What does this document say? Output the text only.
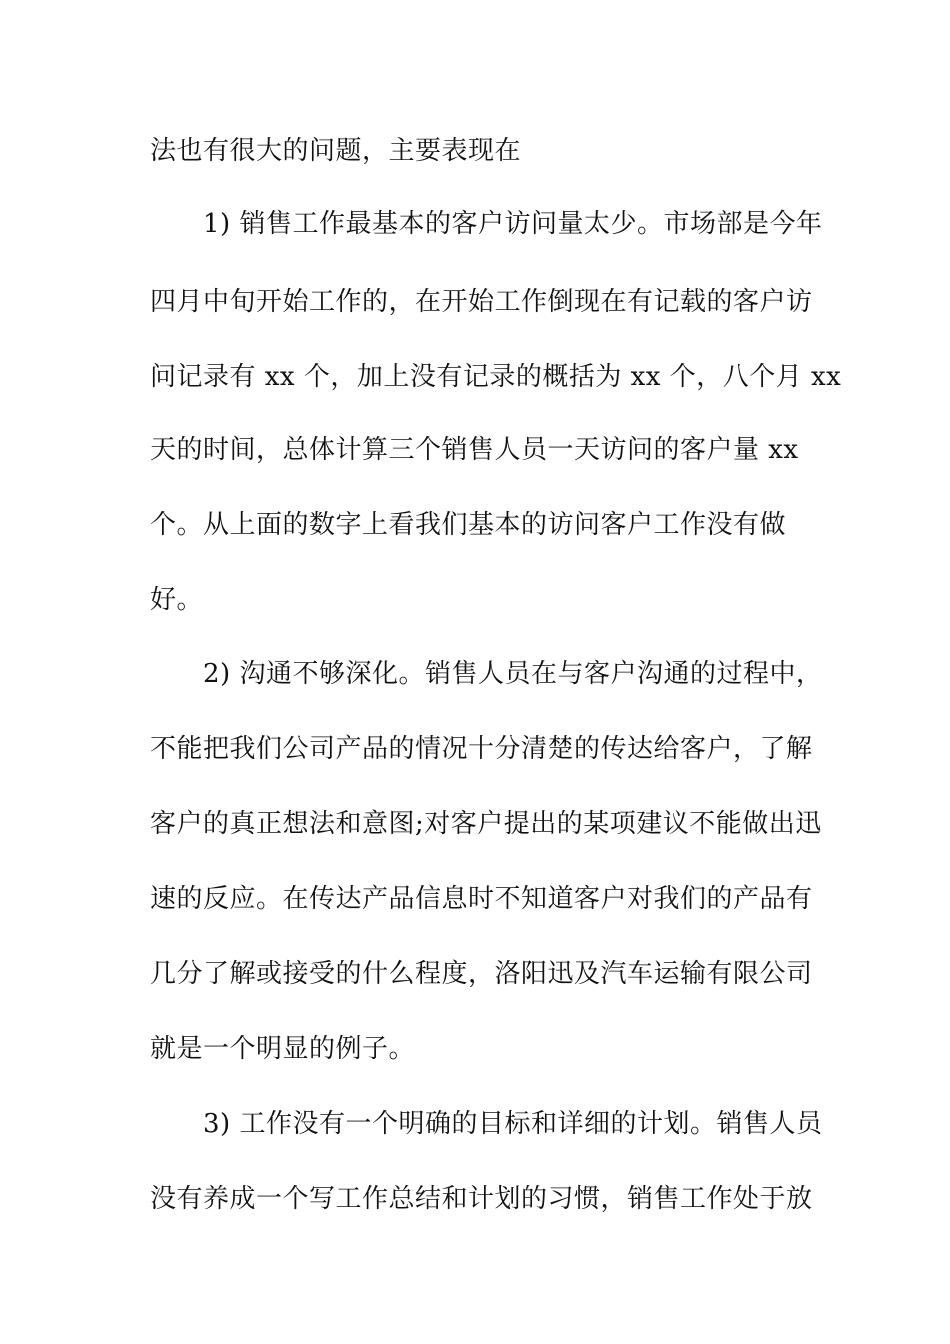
法也有很大的问题，主要表现在
1) 销售工作最基本的客户访问量太少。市场部是今年
四月中旬开始工作的，在开始工作倒现在有记载的客户访
问记录有 xx 个，加上没有记录的概括为 xx 个，八个月 xx
天的时间，总体计算三个销售人员一天访问的客户量 xx
个。从上面的数字上看我们基本的访问客户工作没有做
好。
2) 沟通不够深化。销售人员在与客户沟通的过程中，
不能把我们公司产品的情况十分清楚的传达给客户，了解
客户的真正想法和意图;对客户提出的某项建议不能做出迅
速的反应。在传达产品信息时不知道客户对我们的产品有
几分了解或接受的什么程度，洛阳迅及汽车运输有限公司
就是一个明显的例子。
3) 工作没有一个明确的目标和详细的计划。销售人员
没有养成一个写工作总结和计划的习惯，销售工作处于放
